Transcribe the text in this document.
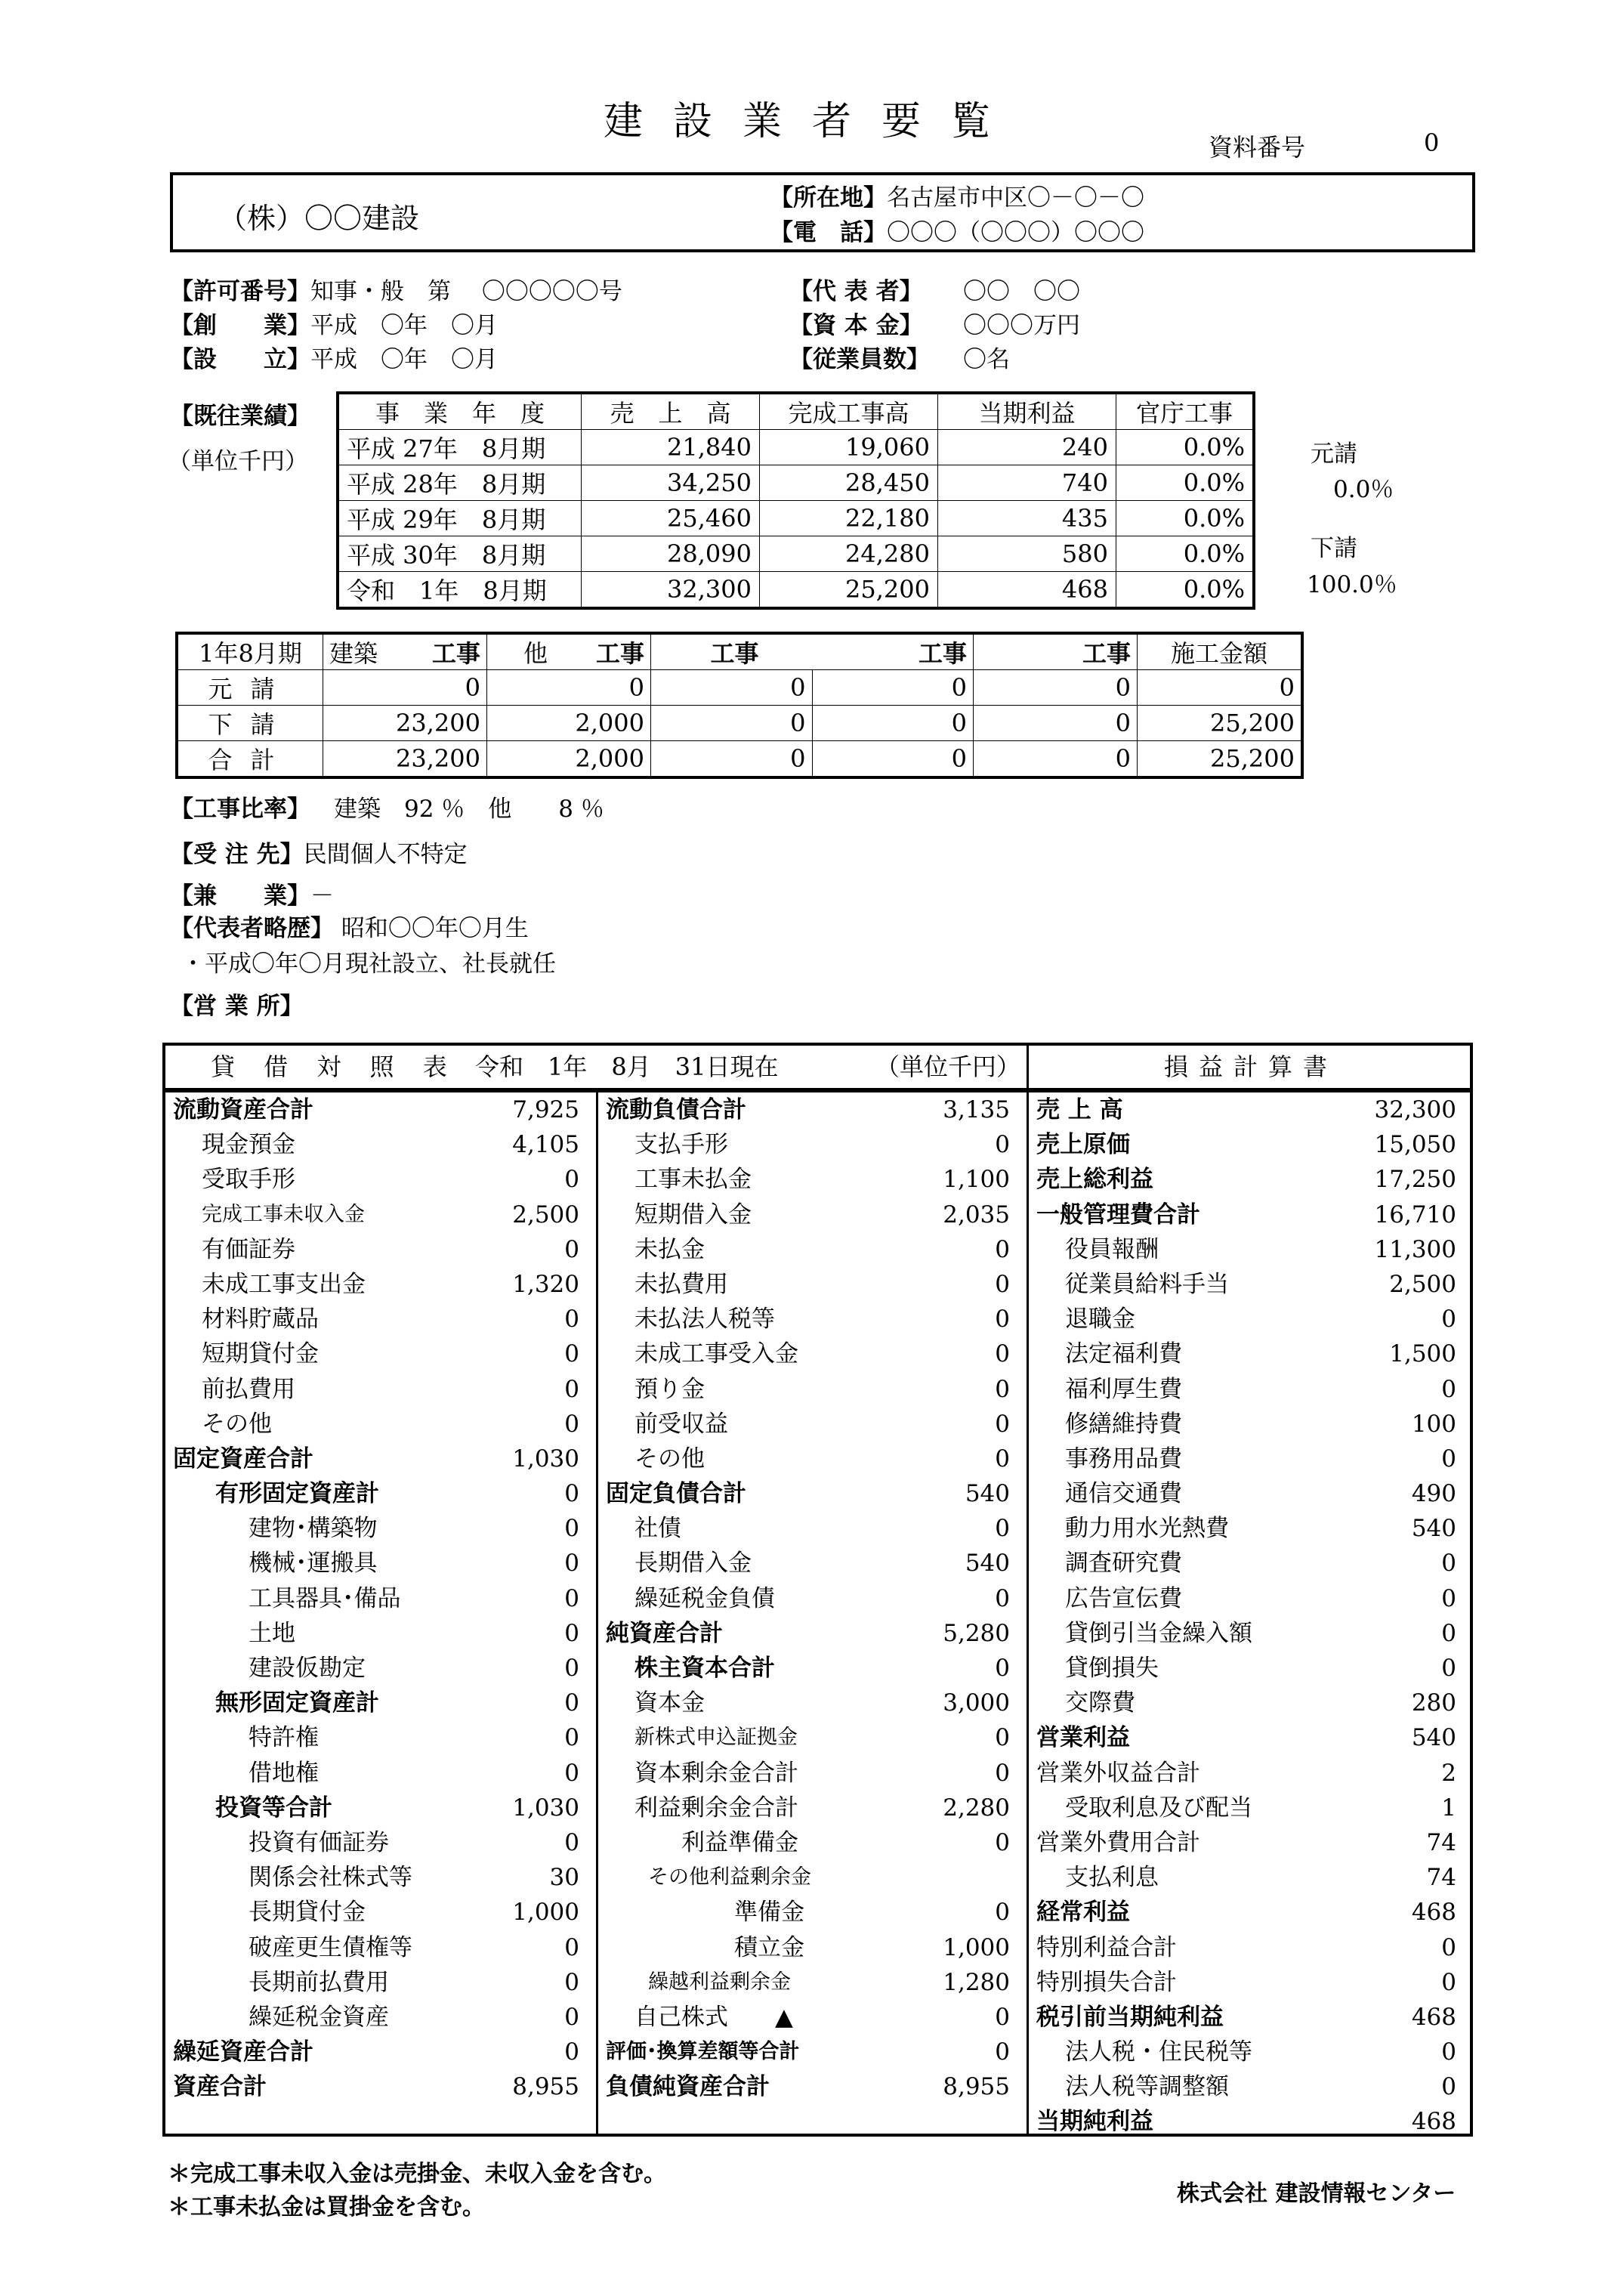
建設業者要覧
資料番号	0
（株）〇〇建設
【所在地】名古屋市中区〇－〇－〇
【電　話】〇〇〇（〇〇〇）〇〇〇
【許可番号】知事・般　第　 〇〇〇〇〇号
【創　　業】平成　〇年　〇月
【設　　立】平成　〇年　〇月
【代 表 者】 〇〇　〇〇
【資 本 金】 〇〇〇万円
【従業員数】 〇名
【既往業績】
（単位千円）
事　業　年　度	売　上　高	完成工事高	当期利益	官庁工事
平成 27年　8月期	21,840	19,060	240	0.0%
平成 28年　8月期	34,250	28,450	740	0.0%
平成 29年　8月期	25,460	22,180	435	0.0%
平成 30年　8月期	28,090	24,280	580	0.0%
令和　1年　8月期	32,300	25,200	468	0.0%
元請
0.0％
下請
100.0％
1年8月期	建築 工事	他 工事	工事 工事		工事	施工金額
元請	0	0	0	0	0	0
下請	23,200	2,000	0	0	0	25,200
合計	23,200	2,000	0	0	0	25,200
【工事比率】　 建築　92 ％　他　　8 ％
【受 注 先】民間個人不特定
【兼　　業】－
【代表者略歴】 昭和〇〇年〇月生
・平成〇年〇月現社設立、社長就任
【営 業 所】
貸 借 対 照 表 令和　1年　8月　31日現在	（単位千円）	損益計算書
流動資産合計	7,925
現金預金	4,105
受取手形	0
完成工事未収入金	2,500
有価証券	0
未成工事支出金	1,320
材料貯蔵品	0
短期貸付金	0
前払費用	0
その他	0
固定資産合計	1,030
有形固定資産計	0
建物･構築物	0
機械･運搬具	0
工具器具･備品	0
土地	0
建設仮勘定	0
無形固定資産計	0
特許権	0
借地権	0
投資等合計	1,030
投資有価証券	0
関係会社株式等	30
長期貸付金	1,000
破産更生債権等	0
長期前払費用	0
繰延税金資産	0
繰延資産合計	0
資産合計	8,955
流動負債合計	3,135
支払手形	0
工事未払金	1,100
短期借入金	2,035
未払金	0
未払費用	0
未払法人税等	0
未成工事受入金	0
預り金	0
前受収益	0
その他	0
固定負債合計	540
社債	0
長期借入金	540
繰延税金負債	0
純資産合計	5,280
株主資本合計	0
資本金	3,000
新株式申込証拠金	0
資本剰余金合計	0
利益剰余金合計	2,280
利益準備金	0
その他利益剰余金
準備金	0
積立金	1,000
繰越利益剰余金	1,280
自己株式　　▲	0
評価･換算差額等合計	0
負債純資産合計	8,955
売 上 高	32,300
売上原価	15,050
売上総利益	17,250
一般管理費合計	16,710
役員報酬	11,300
従業員給料手当	2,500
退職金	0
法定福利費	1,500
福利厚生費	0
修繕維持費	100
事務用品費	0
通信交通費	490
動力用水光熱費	540
調査研究費	0
広告宣伝費	0
貸倒引当金繰入額	0
貸倒損失	0
交際費	280
営業利益	540
営業外収益合計	2
受取利息及び配当	1
営業外費用合計	74
支払利息	74
経常利益	468
特別利益合計	0
特別損失合計	0
税引前当期純利益	468
法人税・住民税等	0
法人税等調整額	0
当期純利益	468
＊完成工事未収入金は売掛金、未収入金を含む。
＊工事未払金は買掛金を含む。
株式会社 建設情報センター
